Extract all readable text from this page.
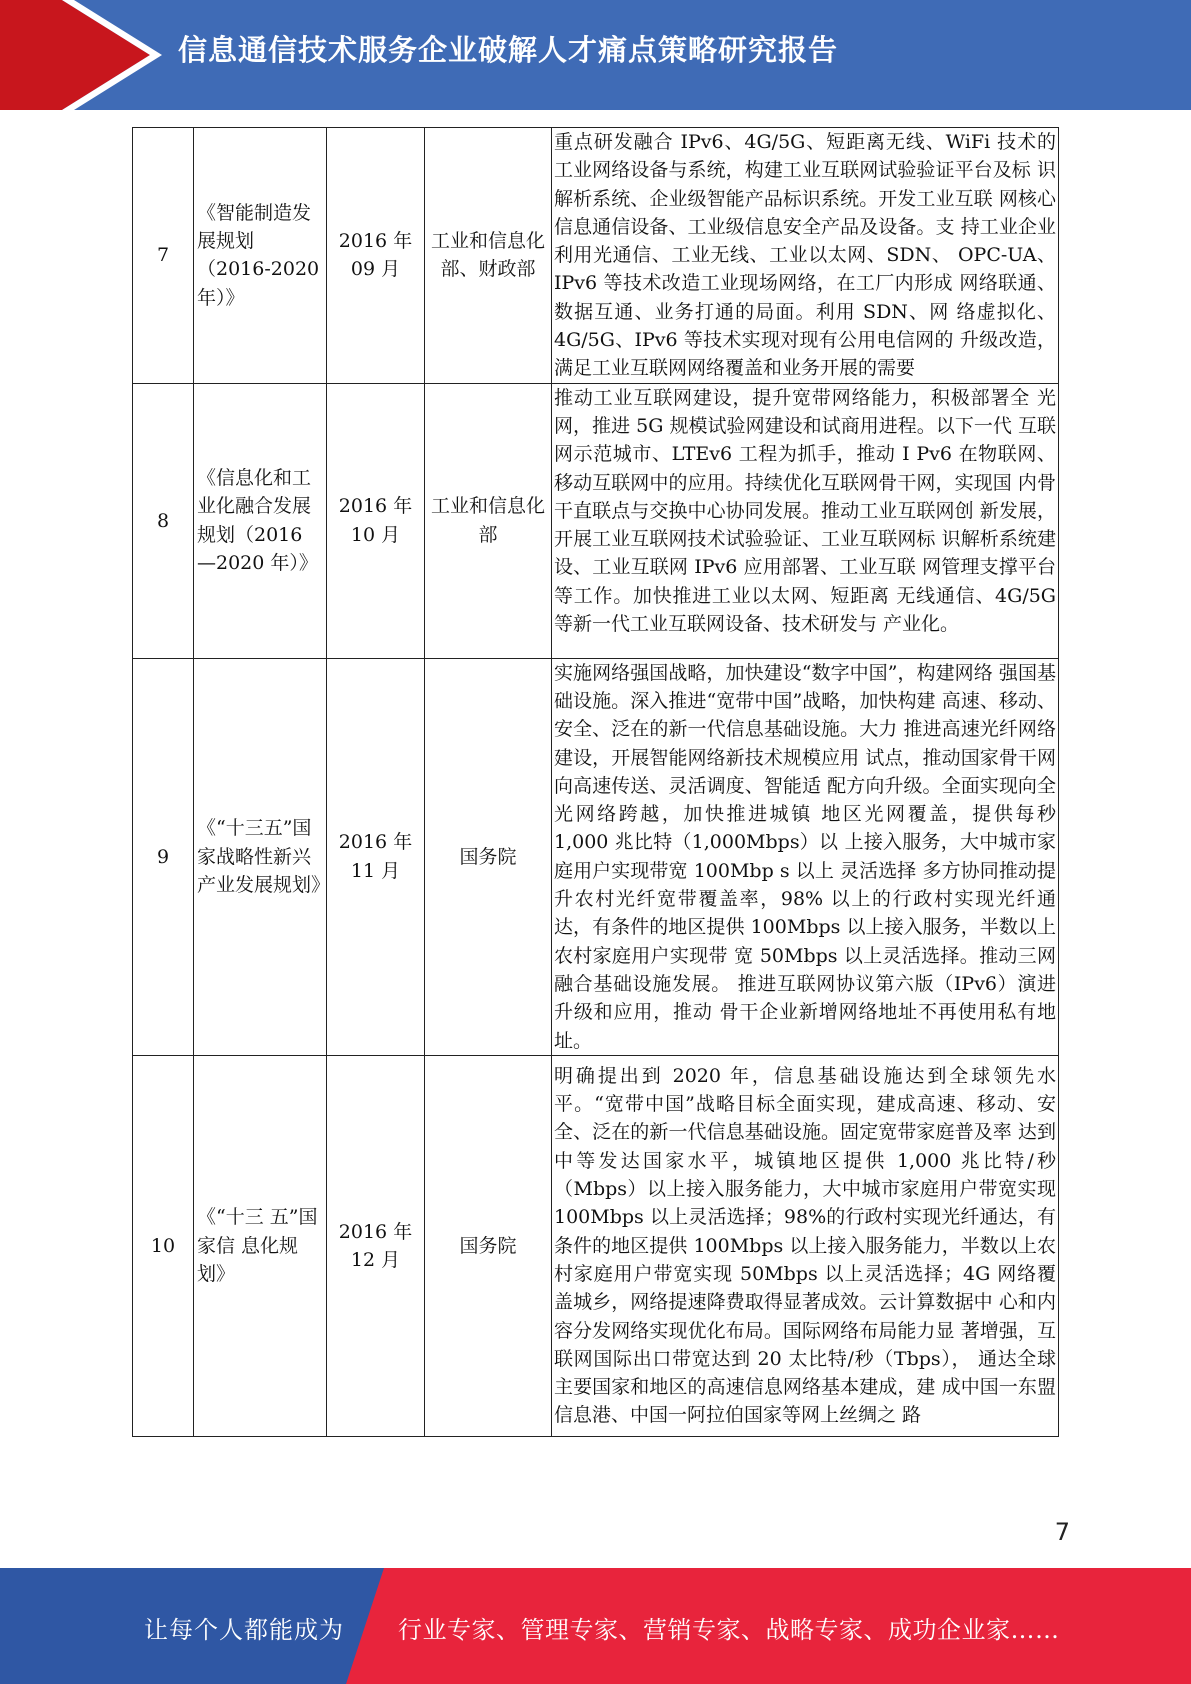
信息通信技术服务企业破解人才痛点策略研究报告
7	《智能制造发展规划（2016-2020 年）》	2016 年 09 月	工业和信息化部、财政部	重点研发融合 IPv6、4G/5G、短距离无线、WiFi 技术的工业网络设备与系统，构建工业互联网试验验证平台及标 识解析系统、企业级智能产品标识系统。开发工业互联 网核心信息通信设备、工业级信息安全产品及设备。支 持工业企业利用光通信、工业无线、工业以太网、SDN、 OPC-UA、IPv6 等技术改造工业现场网络，在工厂内形成 网络联通、数据互通、业务打通的局面。利用 SDN、网 络虚拟化、4G/5G、IPv6 等技术实现对现有公用电信网的 升级改造，满足工业互联网网络覆盖和业务开展的需要
8	《信息化和工业化融合发展规划（2016 —2020 年）》	2016 年 10 月	工业和信息化部	推动工业互联网建设，提升宽带网络能力，积极部署全 光网，推进 5G 规模试验网建设和试商用进程。以下一代 互联网示范城市、LTEv6 工程为抓手，推动 I Pv6 在物联网、移动互联网中的应用。持续优化互联网骨干网，实现国 内骨干直联点与交换中心协同发展。推动工业互联网创 新发展，开展工业互联网技术试验验证、工业互联网标 识解析系统建设、工业互联网 IPv6 应用部署、工业互联 网管理支撑平台等工作。加快推进工业以太网、短距离 无线通信、4G/5G 等新一代工业互联网设备、技术研发与 产业化。
9	《“十三五”国家战略性新兴产业发展规划》	2016 年 11 月	国务院	实施网络强国战略，加快建设“数字中国”，构建网络 强国基础设施。深入推进“宽带中国”战略，加快构建 高速、移动、安全、泛在的新一代信息基础设施。大力 推进高速光纤网络建设，开展智能网络新技术规模应用 试点，推动国家骨干网向高速传送、灵活调度、智能适 配方向升级。全面实现向全光网络跨越，加快推进城镇 地区光网覆盖，提供每秒 1,000 兆比特（1,000Mbps）以 上接入服务，大中城市家庭用户实现带宽 100Mbp s 以上 灵活选择 多方协同推动提升农村光纤宽带覆盖率，98% 以上的行政村实现光纤通达，有条件的地区提供 100Mbps 以上接入服务，半数以上农村家庭用户实现带 宽 50Mbps 以上灵活选择。推动三网融合基础设施发展。 推进互联网协议第六版（IPv6）演进升级和应用，推动 骨干企业新增网络地址不再使用私有地址。
10	《“十三 五”国家信 息化规划》	2016 年 12 月	国务院	明确提出到 2020 年，信息基础设施达到全球领先水平。“宽带中国”战略目标全面实现，建成高速、移动、安 全、泛在的新一代信息基础设施。固定宽带家庭普及率 达到中等发达国家水平，城镇地区提供 1,000 兆比特/秒（Mbps）以上接入服务能力，大中城市家庭用户带宽实现 100Mbps 以上灵活选择；98%的行政村实现光纤通达，有条件的地区提供 100Mbps 以上接入服务能力，半数以上农村家庭用户带宽实现 50Mbps 以上灵活选择；4G 网络覆盖城乡，网络提速降费取得显著成效。云计算数据中 心和内容分发网络实现优化布局。国际网络布局能力显 著增强，互联网国际出口带宽达到 20 太比特/秒（Tbps）， 通达全球主要国家和地区的高速信息网络基本建成，建 成中国一东盟信息港、中国一阿拉伯国家等网上丝绸之 路
7
让每个人都能成为 行业专家、管理专家、营销专家、战略专家、成功企业家……
